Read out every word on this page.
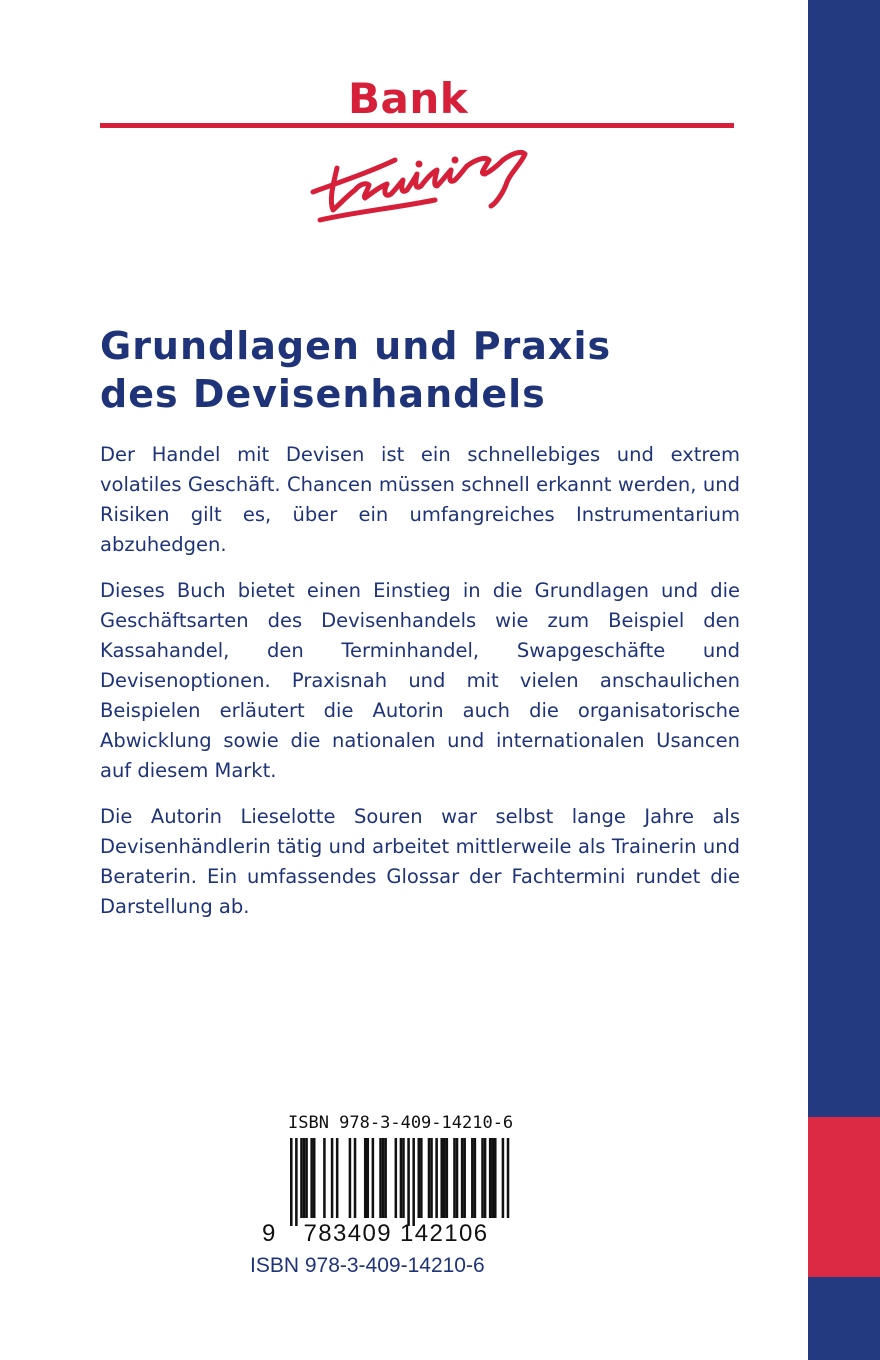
Bank
Grundlagen und Praxis
des Devisenhandels

Der Handel mit Devisen ist ein schnellebiges und extrem volatiles Geschäft. Chancen müssen schnell erkannt werden, und Risiken gilt es, über ein umfangreiches Instrumentarium abzuhedgen.

Dieses Buch bietet einen Einstieg in die Grundlagen und die Geschäftsarten des Devisenhandels wie zum Beispiel den Kassahandel, den Terminhandel, Swapgeschäfte und Devisenoptionen. Praxisnah und mit vielen anschaulichen Beispielen erläutert die Autorin auch die organisatorische Abwicklung sowie die nationalen und internationalen Usancen auf diesem Markt.

Die Autorin Lieselotte Souren war selbst lange Jahre als Devisenhändlerin tätig und arbeitet mittlerweile als Trainerin und Beraterin. Ein umfassendes Glossar der Fachtermini rundet die Darstellung ab.

ISBN 978-3-409-14210-6
9	783409 142106
ISBN 978-3-409-14210-6
